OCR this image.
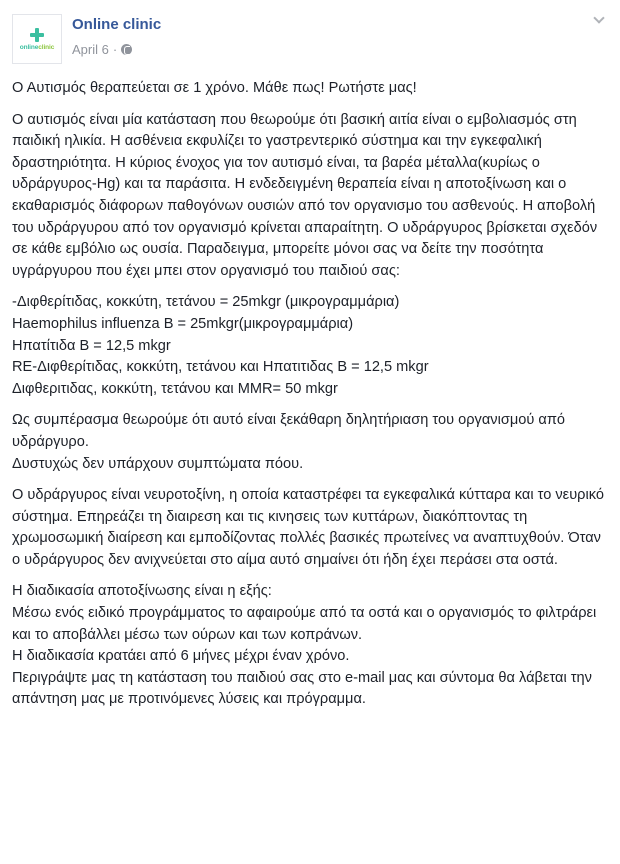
onlineclinic
Online clinic
April 6 ·

Ο Αυτισμός θεραπεύεται σε 1 χρόνο. Μάθε πως! Ρωτήστε μας!

Ο αυτισμός είναι μία κατάσταση που θεωρούμε ότι βασική αιτία είναι ο εμβολιασμός στη παιδική ηλικία. Η ασθένεια εκφυλίζει το γαστρεντερικό σύστημα και την εγκεφαλική δραστηριότητα. Η κύριος ένοχος για τον αυτισμό είναι, τα βαρέα μέταλλα(κυρίως ο υδράργυρος-Hg) και τα παράσιτα. Η ενδεδειγμένη θεραπεία είναι η αποτοξίνωση και ο εκαθαρισμός διάφορων παθογόνων ουσιών από τον οργανισμο του ασθενούς. Η αποβολή του υδράργυρου από τον οργανισμό κρίνεται απαραίτητη. Ο υδράργυρος βρίσκεται σχεδόν σε κάθε εμβόλιο ως ουσία. Παραδειγμα, μπορείτε μόνοι σας να δείτε την ποσότητα υγράργυρου που έχει μπει στον οργανισμό του παιδιού σας:

-Διφθερίτιδας, κοκκύτη, τετάνου = 25mkgr (μικρογραμμάρια)
Haemophilus influenza B = 25mkgr(μικρογραμμάρια)
Ηπατίτιδα B = 12,5 mkgr
RE-Διφθερίτιδας, κοκκύτη, τετάνου και Ηπατιτιδας B = 12,5 mkgr
Διφθεριτιδας, κοκκύτη, τετάνου και MMR= 50 mkgr

Ως συμπέρασμα θεωρούμε ότι αυτό είναι ξεκάθαρη δηλητήριαση του οργανισμού από υδράργυρο.
Δυστυχώς δεν υπάρχουν συμπτώματα πόου.

Ο υδράργυρος είναι νευροτοξίνη, η οποία καταστρέφει τα εγκεφαλικά κύτταρα και το νευρικό σύστημα. Επηρεάζει τη διαιρεση και τις κινησεις των κυττάρων, διακόπτοντας τη χρωμοσωμική διαίρεση και εμποδίζοντας πολλές βασικές πρωτείνες να αναπτυχθούν. Όταν ο υδράργυρος δεν ανιχνεύεται στο αίμα αυτό σημαίνει ότι ήδη έχει περάσει στα οστά.

Η διαδικασία αποτοξίνωσης είναι η εξής:
Μέσω ενός ειδικό προγράμματος το αφαιρούμε από τα οστά και ο οργανισμός το φιλτράρει και το αποβάλλει μέσω των ούρων και των κοπράνων.
Η διαδικασία κρατάει από 6 μήνες μέχρι έναν χρόνο.
Περιγράψτε μας τη κατάσταση του παιδιού σας στο e-mail μας και σύντομα θα λάβεται την απάντηση μας με προτινόμενες λύσεις και πρόγραμμα.
